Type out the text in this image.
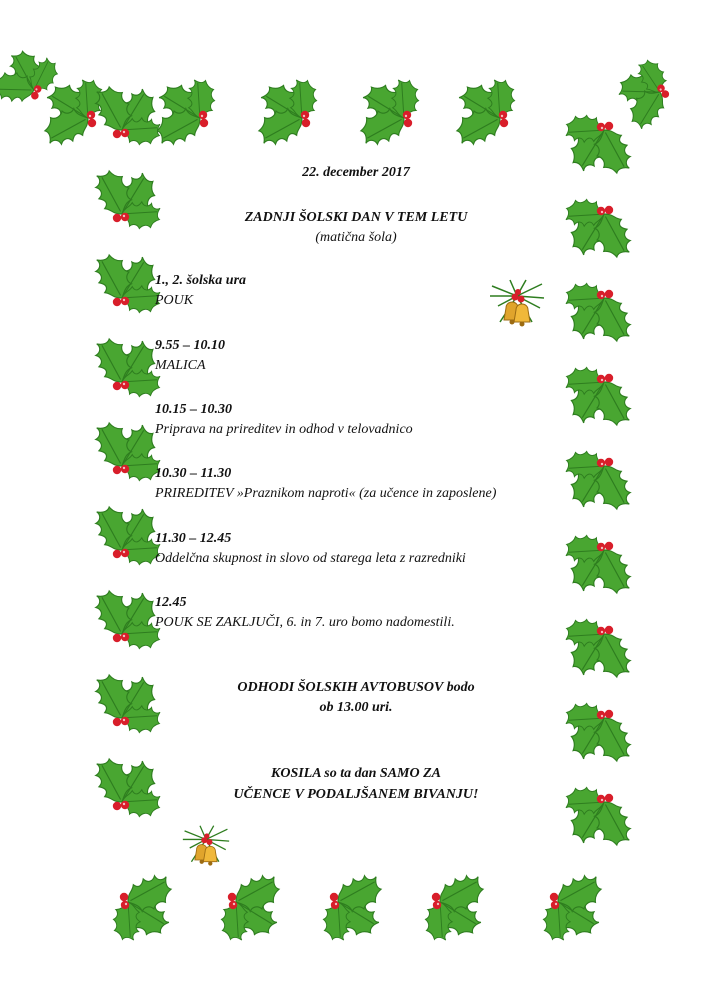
22. december 2017
ZADNJI ŠOLSKI DAN V TEM LETU
(matična šola)
1., 2. šolska ura
POUK
9.55 – 10.10
MALICA
10.15 – 10.30
Priprava na prireditev in odhod v telovadnico
10.30 – 11.30
PRIREDITEV »Praznikom naproti« (za učence in zaposlene)
11.30 – 12.45
Oddelčna skupnost in slovo od starega leta z razredniki
12.45
POUK SE ZAKLJUČI, 6. in 7. uro bomo nadomestili.
ODHODI ŠOLSKIH AVTOBUSOV bodo
ob 13.00 uri.
KOSILA so ta dan SAMO ZA
UČENCE V PODALJŠANEM BIVANJU!
